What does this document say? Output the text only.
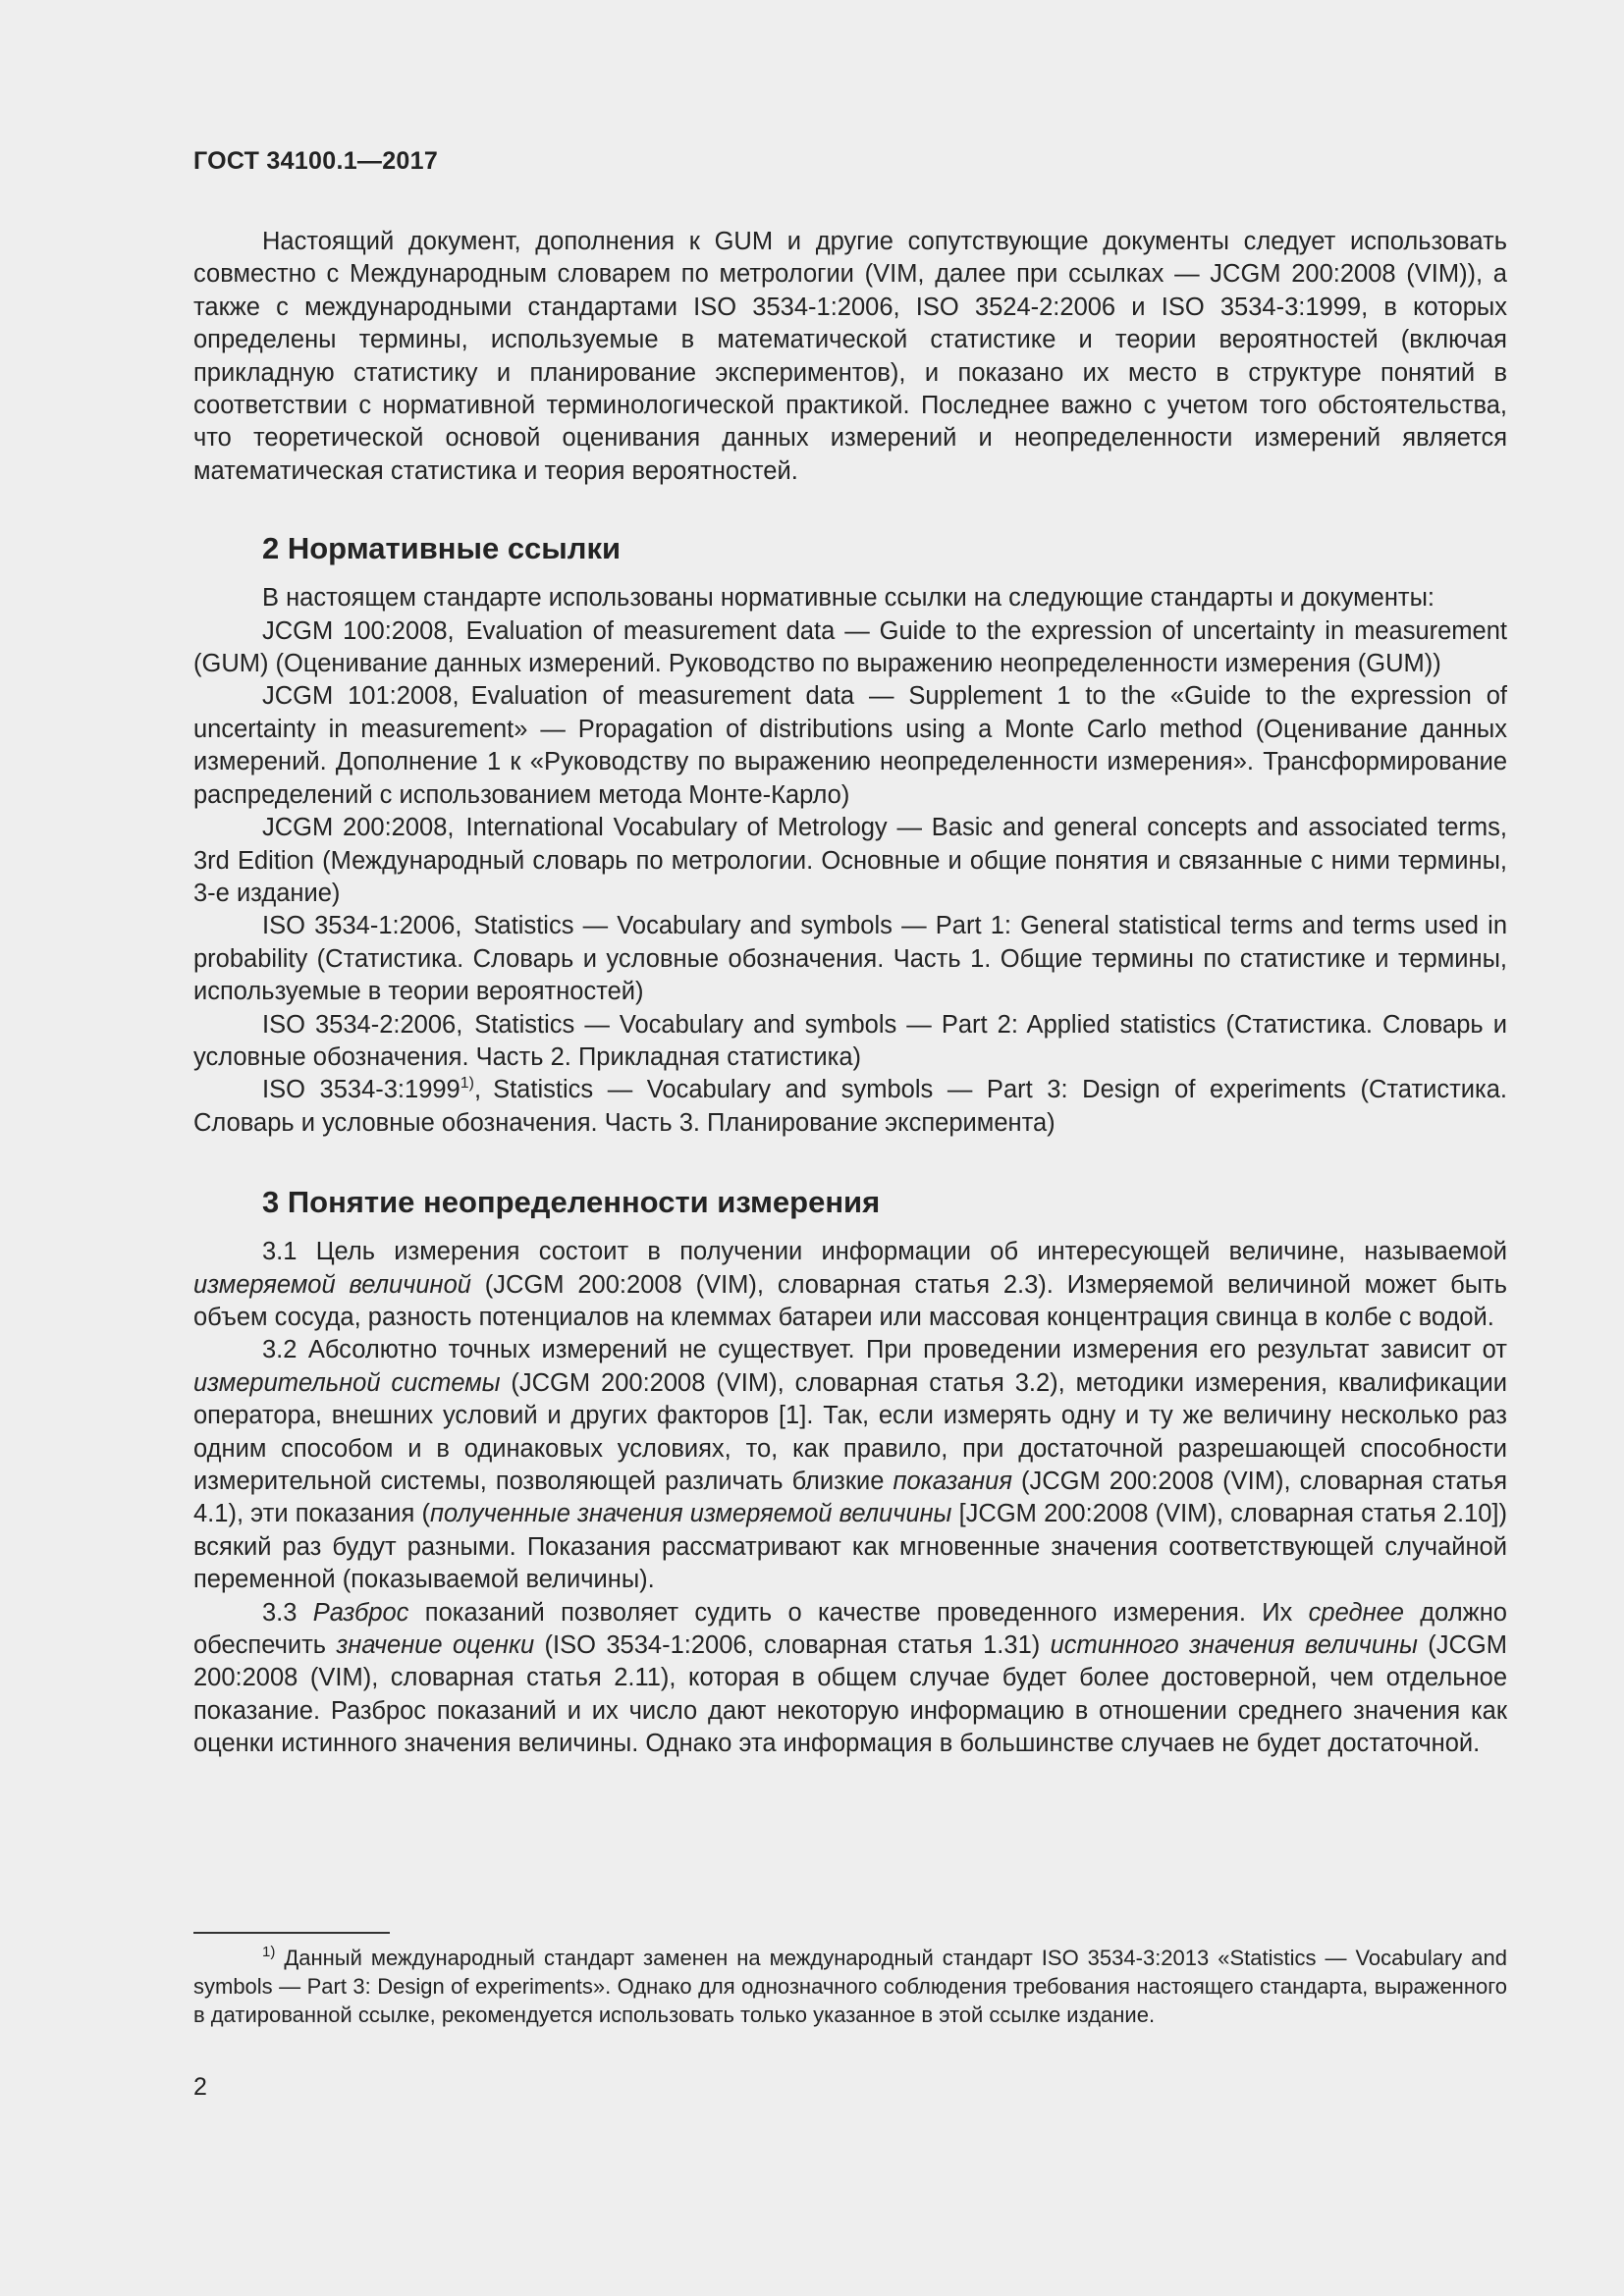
ГОСТ 34100.1—2017

Настоящий документ, дополнения к GUM и другие сопутствующие документы следует использовать совместно с Международным словарем по метрологии (VIM, далее при ссылках — JCGM 200:2008 (VIM)), а также с международными стандартами ISO 3534-1:2006, ISO 3524-2:2006 и ISO 3534-3:1999, в которых определены термины, используемые в математической статистике и теории вероятностей (включая прикладную статистику и планирование экспериментов), и показано их место в структуре понятий в соответствии с нормативной терминологической практикой. Последнее важно с учетом того обстоятельства, что теоретической основой оценивания данных измерений и неопределенности измерений является математическая статистика и теория вероятностей.

2 Нормативные ссылки

В настоящем стандарте использованы нормативные ссылки на следующие стандарты и документы:

JCGM 100:2008, Evaluation of measurement data — Guide to the expression of uncertainty in measurement (GUM) (Оценивание данных измерений. Руководство по выражению неопределенности измерения (GUM))

JCGM 101:2008, Evaluation of measurement data — Supplement 1 to the «Guide to the expression of uncertainty in measurement» — Propagation of distributions using a Monte Carlo method (Оценивание данных измерений. Дополнение 1 к «Руководству по выражению неопределенности измерения». Трансформирование распределений с использованием метода Монте-Карло)

JCGM 200:2008, International Vocabulary of Metrology — Basic and general concepts and associated terms, 3rd Edition (Международный словарь по метрологии. Основные и общие понятия и связанные с ними термины, 3-е издание)

ISO 3534-1:2006, Statistics — Vocabulary and symbols — Part 1: General statistical terms and terms used in probability (Статистика. Словарь и условные обозначения. Часть 1. Общие термины по статистике и термины, используемые в теории вероятностей)

ISO 3534-2:2006, Statistics — Vocabulary and symbols — Part 2: Applied statistics (Статистика. Словарь и условные обозначения. Часть 2. Прикладная статистика)

ISO 3534-3:1999$^{1)}$, Statistics — Vocabulary and symbols — Part 3: Design of experiments (Статистика. Словарь и условные обозначения. Часть 3. Планирование эксперимента)

3 Понятие неопределенности измерения

3.1 Цель измерения состоит в получении информации об интересующей величине, называемой измеряемой величиной (JCGM 200:2008 (VIM), словарная статья 2.3). Измеряемой величиной может быть объем сосуда, разность потенциалов на клеммах батареи или массовая концентрация свинца в колбе с водой.

3.2 Абсолютно точных измерений не существует. При проведении измерения его результат зависит от измерительной системы (JCGM 200:2008 (VIM), словарная статья 3.2), методики измерения, квалификации оператора, внешних условий и других факторов [1]. Так, если измерять одну и ту же величину несколько раз одним способом и в одинаковых условиях, то, как правило, при достаточной разрешающей способности измерительной системы, позволяющей различать близкие показания (JCGM 200:2008 (VIM), словарная статья 4.1), эти показания (полученные значения измеряемой величины [JCGM 200:2008 (VIM), словарная статья 2.10]) всякий раз будут разными. Показания рассматривают как мгновенные значения соответствующей случайной переменной (показываемой величины).

3.3 Разброс показаний позволяет судить о качестве проведенного измерения. Их среднее должно обеспечить значение оценки (ISO 3534-1:2006, словарная статья 1.31) истинного значения величины (JCGM 200:2008 (VIM), словарная статья 2.11), которая в общем случае будет более достоверной, чем отдельное показание. Разброс показаний и их число дают некоторую информацию в отношении среднего значения как оценки истинного значения величины. Однако эта информация в большинстве случаев не будет достаточной.

$^{1)}$ Данный международный стандарт заменен на международный стандарт ISO 3534-3:2013 «Statistics — Vocabulary and symbols — Part 3: Design of experiments». Однако для однозначного соблюдения требования настоящего стандарта, выраженного в датированной ссылке, рекомендуется использовать только указанное в этой ссылке издание.

2
